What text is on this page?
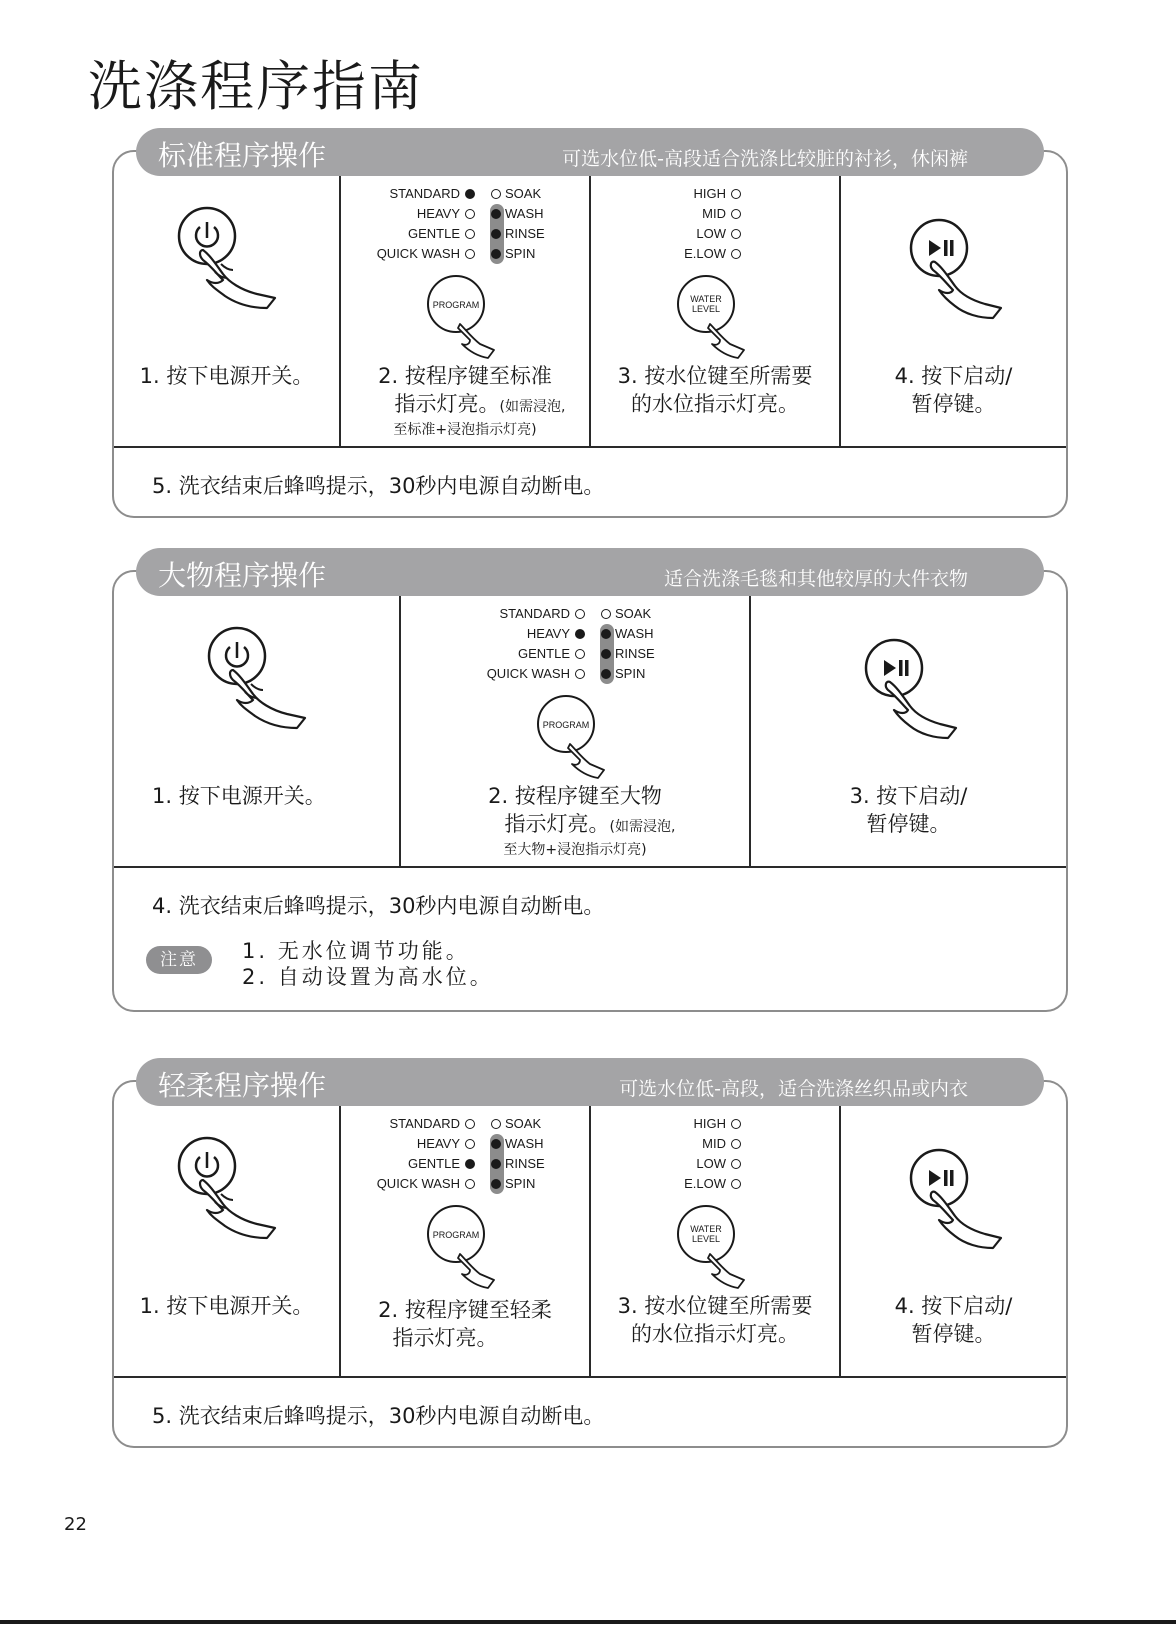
洗涤程序指南
标准程序操作	可选水位低-高段适合洗涤比较脏的衬衫，休闲裤
1. 按下电源开关。
STANDARD
HEAVY
GENTLE
QUICK WASH
SOAK
WASH
RINSE
SPIN
PROGRAM
2. 按程序键至标准
指示灯亮。(如需浸泡,
至标准+浸泡指示灯亮)
HIGH
MID
LOW
E.LOW
WATER
LEVEL
3. 按水位键至所需要
的水位指示灯亮。
4. 按下启动/
暂停键。
5. 洗衣结束后蜂鸣提示，30秒内电源自动断电。
大物程序操作	适合洗涤毛毯和其他较厚的大件衣物
1. 按下电源开关。
STANDARD
HEAVY
GENTLE
QUICK WASH
SOAK
WASH
RINSE
SPIN
PROGRAM
2. 按程序键至大物
指示灯亮。(如需浸泡,
至大物+浸泡指示灯亮)
3. 按下启动/
暂停键。
4. 洗衣结束后蜂鸣提示，30秒内电源自动断电。
注意	1. 无水位调节功能。
2. 自动设置为高水位。
轻柔程序操作	可选水位低-高段，适合洗涤丝织品或内衣
1. 按下电源开关。
STANDARD
HEAVY
GENTLE
QUICK WASH
SOAK
WASH
RINSE
SPIN
PROGRAM
2. 按程序键至轻柔
指示灯亮。
HIGH
MID
LOW
E.LOW
WATER
LEVEL
3. 按水位键至所需要
的水位指示灯亮。
4. 按下启动/
暂停键。
5. 洗衣结束后蜂鸣提示，30秒内电源自动断电。
22
